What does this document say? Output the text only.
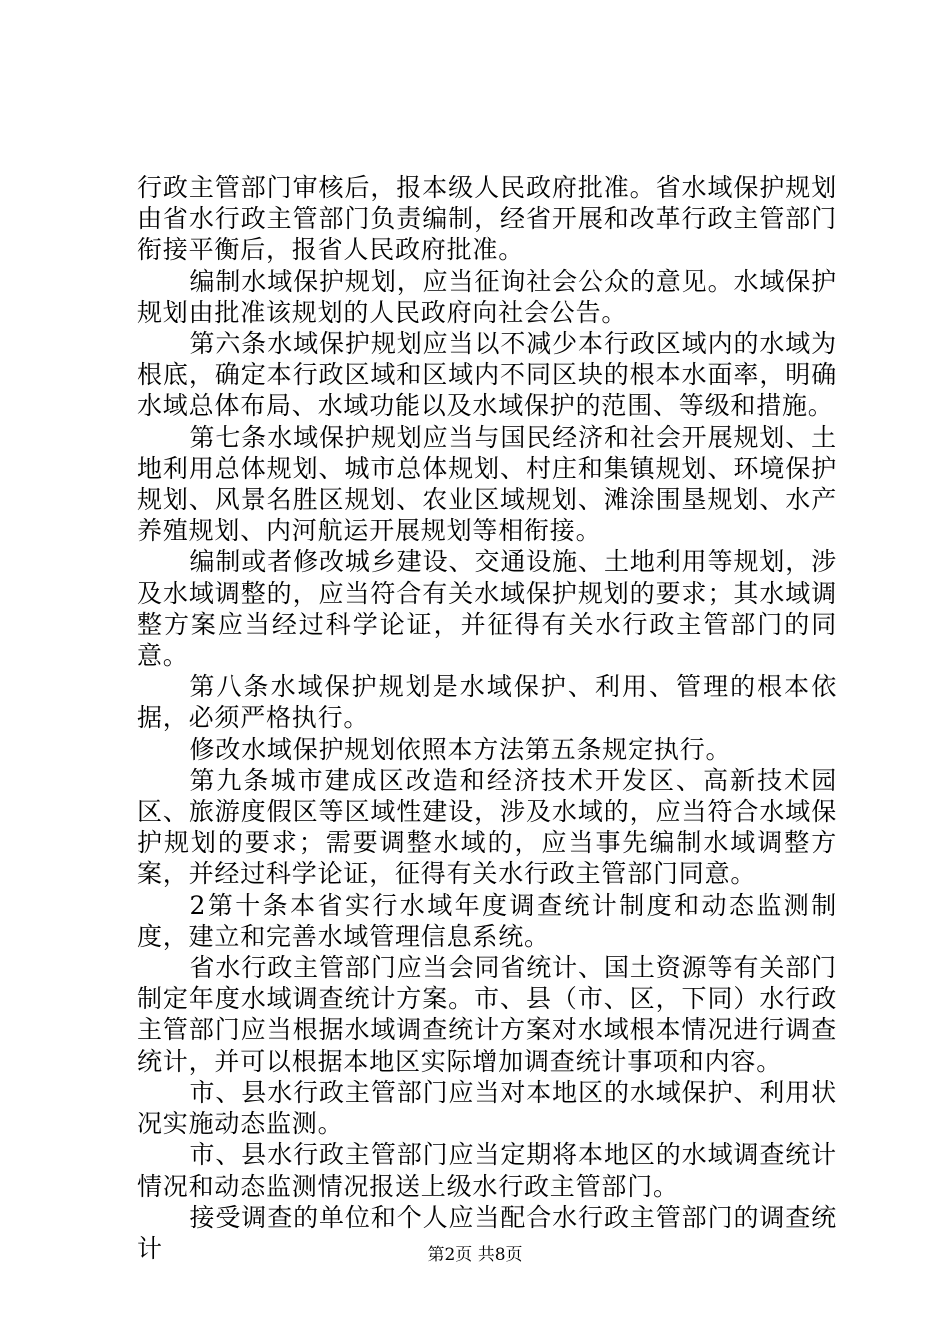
行政主管部门审核后，报本级人民政府批准。省水域保护规划由省水行政主管部门负责编制，经省开展和改革行政主管部门衔接平衡后，报省人民政府批准。

编制水域保护规划，应当征询社会公众的意见。水域保护规划由批准该规划的人民政府向社会公告。

第六条水域保护规划应当以不减少本行政区域内的水域为根底，确定本行政区域和区域内不同区块的根本水面率，明确水域总体布局、水域功能以及水域保护的范围、等级和措施。

第七条水域保护规划应当与国民经济和社会开展规划、土地利用总体规划、城市总体规划、村庄和集镇规划、环境保护规划、风景名胜区规划、农业区域规划、滩涂围垦规划、水产养殖规划、内河航运开展规划等相衔接。

编制或者修改城乡建设、交通设施、土地利用等规划，涉及水域调整的，应当符合有关水域保护规划的要求；其水域调整方案应当经过科学论证，并征得有关水行政主管部门的同意。

第八条水域保护规划是水域保护、利用、管理的根本依据，必须严格执行。

修改水域保护规划依照本方法第五条规定执行。

第九条城市建成区改造和经济技术开发区、高新技术园区、旅游度假区等区域性建设，涉及水域的，应当符合水域保护规划的要求；需要调整水域的，应当事先编制水域调整方案，并经过科学论证，征得有关水行政主管部门同意。

2第十条本省实行水域年度调查统计制度和动态监测制度，建立和完善水域管理信息系统。

省水行政主管部门应当会同省统计、国土资源等有关部门制定年度水域调查统计方案。市、县（市、区，下同）水行政主管部门应当根据水域调查统计方案对水域根本情况进行调查统计，并可以根据本地区实际增加调查统计事项和内容。

市、县水行政主管部门应当对本地区的水域保护、利用状况实施动态监测。

市、县水行政主管部门应当定期将本地区的水域调查统计情况和动态监测情况报送上级水行政主管部门。

接受调查的单位和个人应当配合水行政主管部门的调查统计	第2页 共8页
